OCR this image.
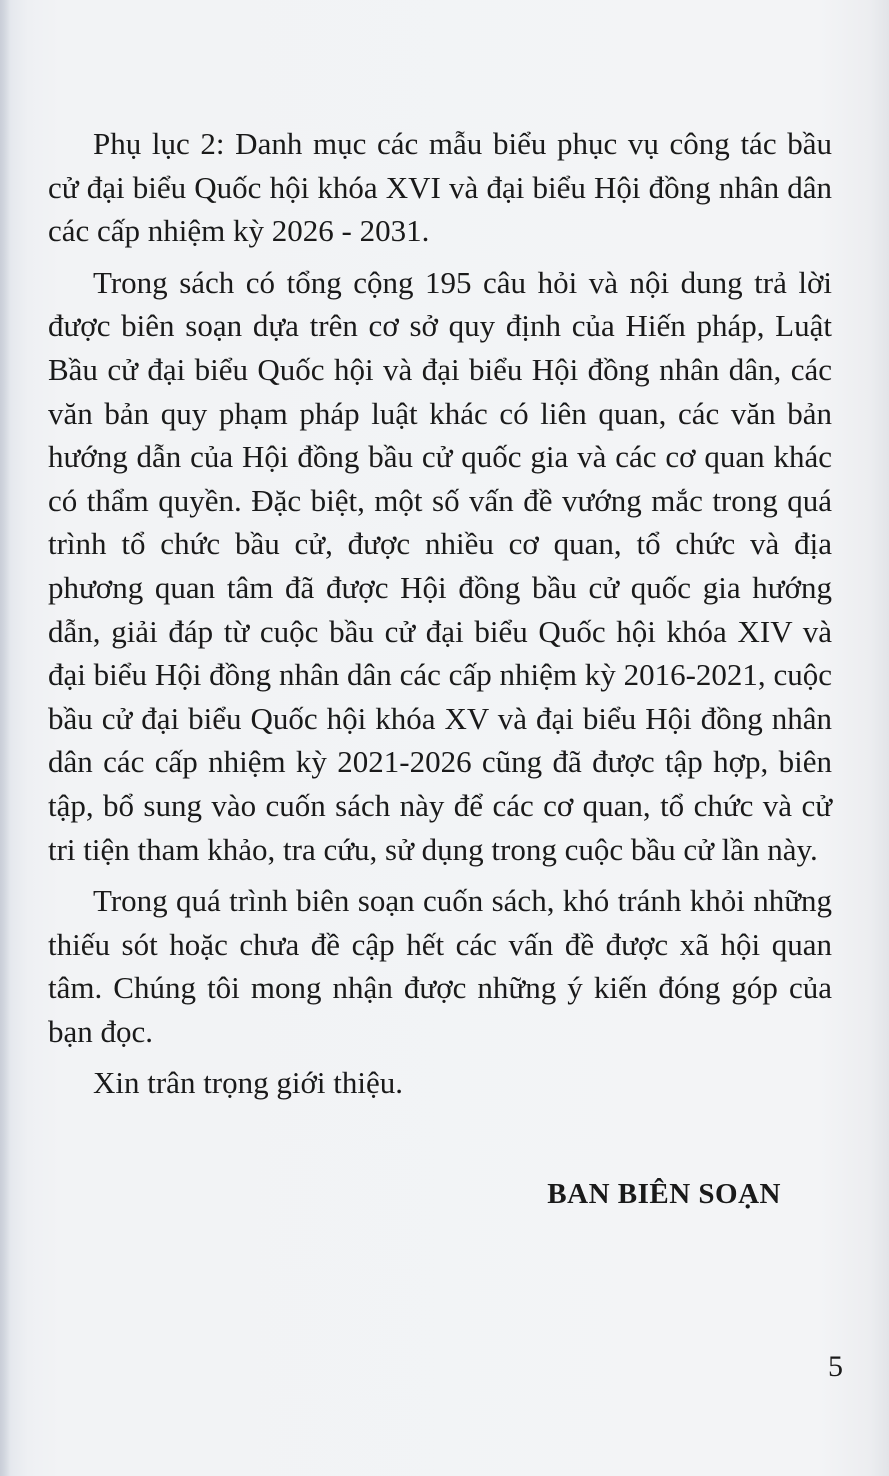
Phụ lục 2: Danh mục các mẫu biểu phục vụ công tác bầu cử đại biểu Quốc hội khóa XVI và đại biểu Hội đồng nhân dân các cấp nhiệm kỳ 2026 - 2031.

Trong sách có tổng cộng 195 câu hỏi và nội dung trả lời được biên soạn dựa trên cơ sở quy định của Hiến pháp, Luật Bầu cử đại biểu Quốc hội và đại biểu Hội đồng nhân dân, các văn bản quy phạm pháp luật khác có liên quan, các văn bản hướng dẫn của Hội đồng bầu cử quốc gia và các cơ quan khác có thẩm quyền. Đặc biệt, một số vấn đề vướng mắc trong quá trình tổ chức bầu cử, được nhiều cơ quan, tổ chức và địa phương quan tâm đã được Hội đồng bầu cử quốc gia hướng dẫn, giải đáp từ cuộc bầu cử đại biểu Quốc hội khóa XIV và đại biểu Hội đồng nhân dân các cấp nhiệm kỳ 2016-2021, cuộc bầu cử đại biểu Quốc hội khóa XV và đại biểu Hội đồng nhân dân các cấp nhiệm kỳ 2021-2026 cũng đã được tập hợp, biên tập, bổ sung vào cuốn sách này để các cơ quan, tổ chức và cử tri tiện tham khảo, tra cứu, sử dụng trong cuộc bầu cử lần này.

Trong quá trình biên soạn cuốn sách, khó tránh khỏi những thiếu sót hoặc chưa đề cập hết các vấn đề được xã hội quan tâm. Chúng tôi mong nhận được những ý kiến đóng góp của bạn đọc.

Xin trân trọng giới thiệu.

BAN BIÊN SOẠN
5
